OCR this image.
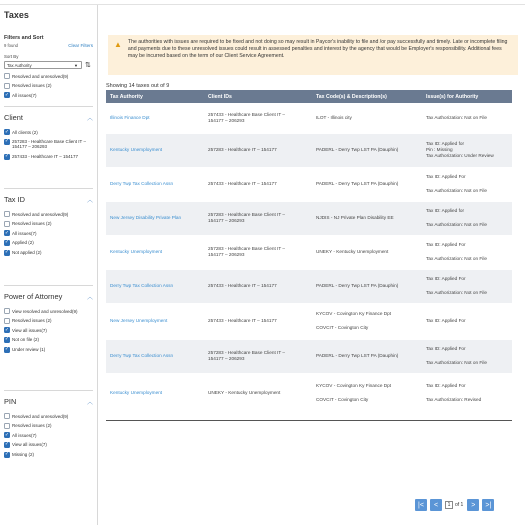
Taxes
Filters and Sort
9 found	Clear Filters
Sort By
Tax Authority	▼ ⇅
Resolved and unresolved(9)
Resolved issues (2)
✓ All issues(7)
Client	︿
✓ All clients (2)
✓ 257283 - Healthcare Base Client IT – 154177 – 206293
✓ 257433 - Healthcare IT – 154177
Tax ID	︿
Resolved and unresolved(9)
Resolved issues (2)
✓ All issues(7)
✓ Applied (2)
✓ Not applied (2)
Power of Attorney	︿
View resolved and unresolved(9)
Resolved issues (2)
✓ View all issues(7)
✓ Not on file (2)
✓ Under review (1)
PIN	︿
Resolved and unresolved(9)
Resolved issues (2)
✓ All issues(7)
✓ View all issues(7)
✓ Missing (2)
▲ The authorities with issues are required to be fixed and not doing so may result in Paycor's inability to file and /or pay successfully and timely. Late or incomplete filing and payments due to these unresolved issues could result in assessed penalties and interest by the agency that would be Employer's responsibility. Additional fees may be incurred based on the term of our Client Service Agreement.
Showing 14 taxes out of 9
Tax Authority	Client IDs	Tax Code(s) & Description(s)	Issue(s) for Authority
Illinois Finance Dpt	257433 - Healthcare Base Client IT –
154177 – 206293	ILOT - Illinois city	Tax Authorization: Not on File

Kentucky Unemployment	257283 - Healthcare IT – 154177	PADERL - Derry Twp LST PA (Dauphin)	Tax ID: Applied for
Pin : Missing
Tax Authorization: Under Review

Derry Twp Tax Collection Assn	257433 - Healthcare IT – 154177	PADERL - Derry Twp LST PA (Dauphin)	Tax ID: Applied For
Tax Authorization: Not on File

New Jersey Disability Private Plan	257283 - Healthcare Base Client IT –
154177 – 206293	NJDIS - NJ Private Plan Disability EE	Tax ID: Applied for
Tax Authorization: Not on File

Kentucky Unemployment	257283 - Healthcare Base Client IT –
154177 – 206293	UNEKY - Kentucky Unemployment	Tax ID: Applied For
Tax Authorization: Not on File

Derry Twp Tax Collection Assn	257433 - Healthcare IT – 154177	PADERL - Derry Twp LST PA (Dauphin)	Tax ID: Applied For
Tax Authorization: Not on File

New Jersey Unemployment	257433 - Healthcare IT – 154177	KYCOV - Covington Ky Finance Dpt
COVCIT - Covington City	Tax ID: Applied For

Derry Twp Tax Collection Assn	257283 - Healthcare Base Client IT –
154177 – 206293	PADERL - Derry Twp LST PA (Dauphin)	Tax ID: Applied For
Tax Authorization: Not on File

Kentucky Unemployment	UNEKY - Kentucky Unemployment	KYCOV - Covington Ky Finance Dpt
COVCIT - Covington City	Tax ID: Applied For
Tax Authorization: Revised
|<	<	1 of 1	>	>|
